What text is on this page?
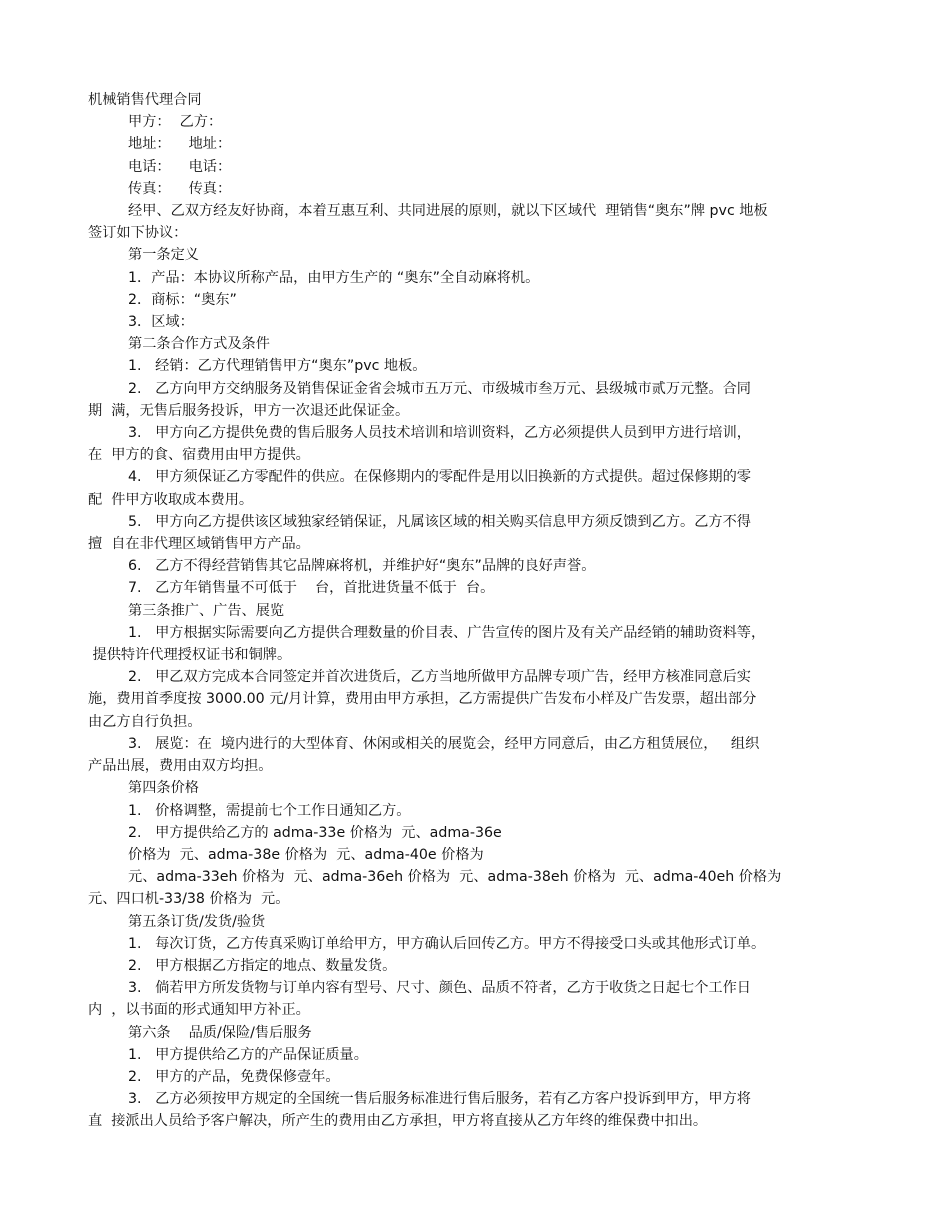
机械销售代理合同
甲方：  乙方：
地址：    地址：
电话：    电话：
传真：    传真：
经甲、乙双方经友好协商，本着互惠互利、共同进展的原则，就以下区域代  理销售“奥东”牌 pvc 地板
签订如下协议：
第一条定义
1．产品：本协议所称产品，由甲方生产的 “奥东”全自动麻将机。
2．商标：“奥东”
3．区域：
第二条合作方式及条件
1.   经销：乙方代理销售甲方“奥东”pvc 地板。
2.   乙方向甲方交纳服务及销售保证金省会城市五万元、市级城市叁万元、县级城市贰万元整。合同
期  满，无售后服务投诉，甲方一次退还此保证金。
3.   甲方向乙方提供免费的售后服务人员技术培训和培训资料，乙方必须提供人员到甲方进行培训，
在  甲方的食、宿费用由甲方提供。
4.   甲方须保证乙方零配件的供应。在保修期内的零配件是用以旧换新的方式提供。超过保修期的零
配  件甲方收取成本费用。
5.   甲方向乙方提供该区域独家经销保证，凡属该区域的相关购买信息甲方须反馈到乙方。乙方不得
擅  自在非代理区域销售甲方产品。
6.   乙方不得经营销售其它品牌麻将机，并维护好“奥东”品牌的良好声誉。
7.   乙方年销售量不可低于    台，首批进货量不低于  台。
第三条推广、广告、展览
1.   甲方根据实际需要向乙方提供合理数量的价目表、广告宣传的图片及有关产品经销的辅助资料等，
提供特许代理授权证书和铜牌。
2.   甲乙双方完成本合同签定并首次进货后，乙方当地所做甲方品牌专项广告，经甲方核准同意后实
施，费用首季度按 3000.00 元/月计算，费用由甲方承担，乙方需提供广告发布小样及广告发票，超出部分
由乙方自行负担。
3.   展览：在  境内进行的大型体育、休闲或相关的展览会，经甲方同意后，由乙方租赁展位，   组织
产品出展，费用由双方均担。
第四条价格
1.   价格调整，需提前七个工作日通知乙方。
2.   甲方提供给乙方的 adma-33e 价格为  元、adma-36e
价格为  元、adma-38e 价格为  元、adma-40e 价格为
元、adma-33eh 价格为  元、adma-36eh 价格为  元、adma-38eh 价格为  元、adma-40eh 价格为
元、四口机-33/38 价格为  元。
第五条订货/发货/验货
1.   每次订货，乙方传真采购订单给甲方，甲方确认后回传乙方。甲方不得接受口头或其他形式订单。
2.   甲方根据乙方指定的地点、数量发货。
3.   倘若甲方所发货物与订单内容有型号、尺寸、颜色、品质不符者，乙方于收货之日起七个工作日
内  ，以书面的形式通知甲方补正。
第六条    品质/保险/售后服务
1.   甲方提供给乙方的产品保证质量。
2.   甲方的产品，免费保修壹年。
3.   乙方必须按甲方规定的全国统一售后服务标准进行售后服务，若有乙方客户投诉到甲方，甲方将
直  接派出人员给予客户解决，所产生的费用由乙方承担，甲方将直接从乙方年终的维保费中扣出。
